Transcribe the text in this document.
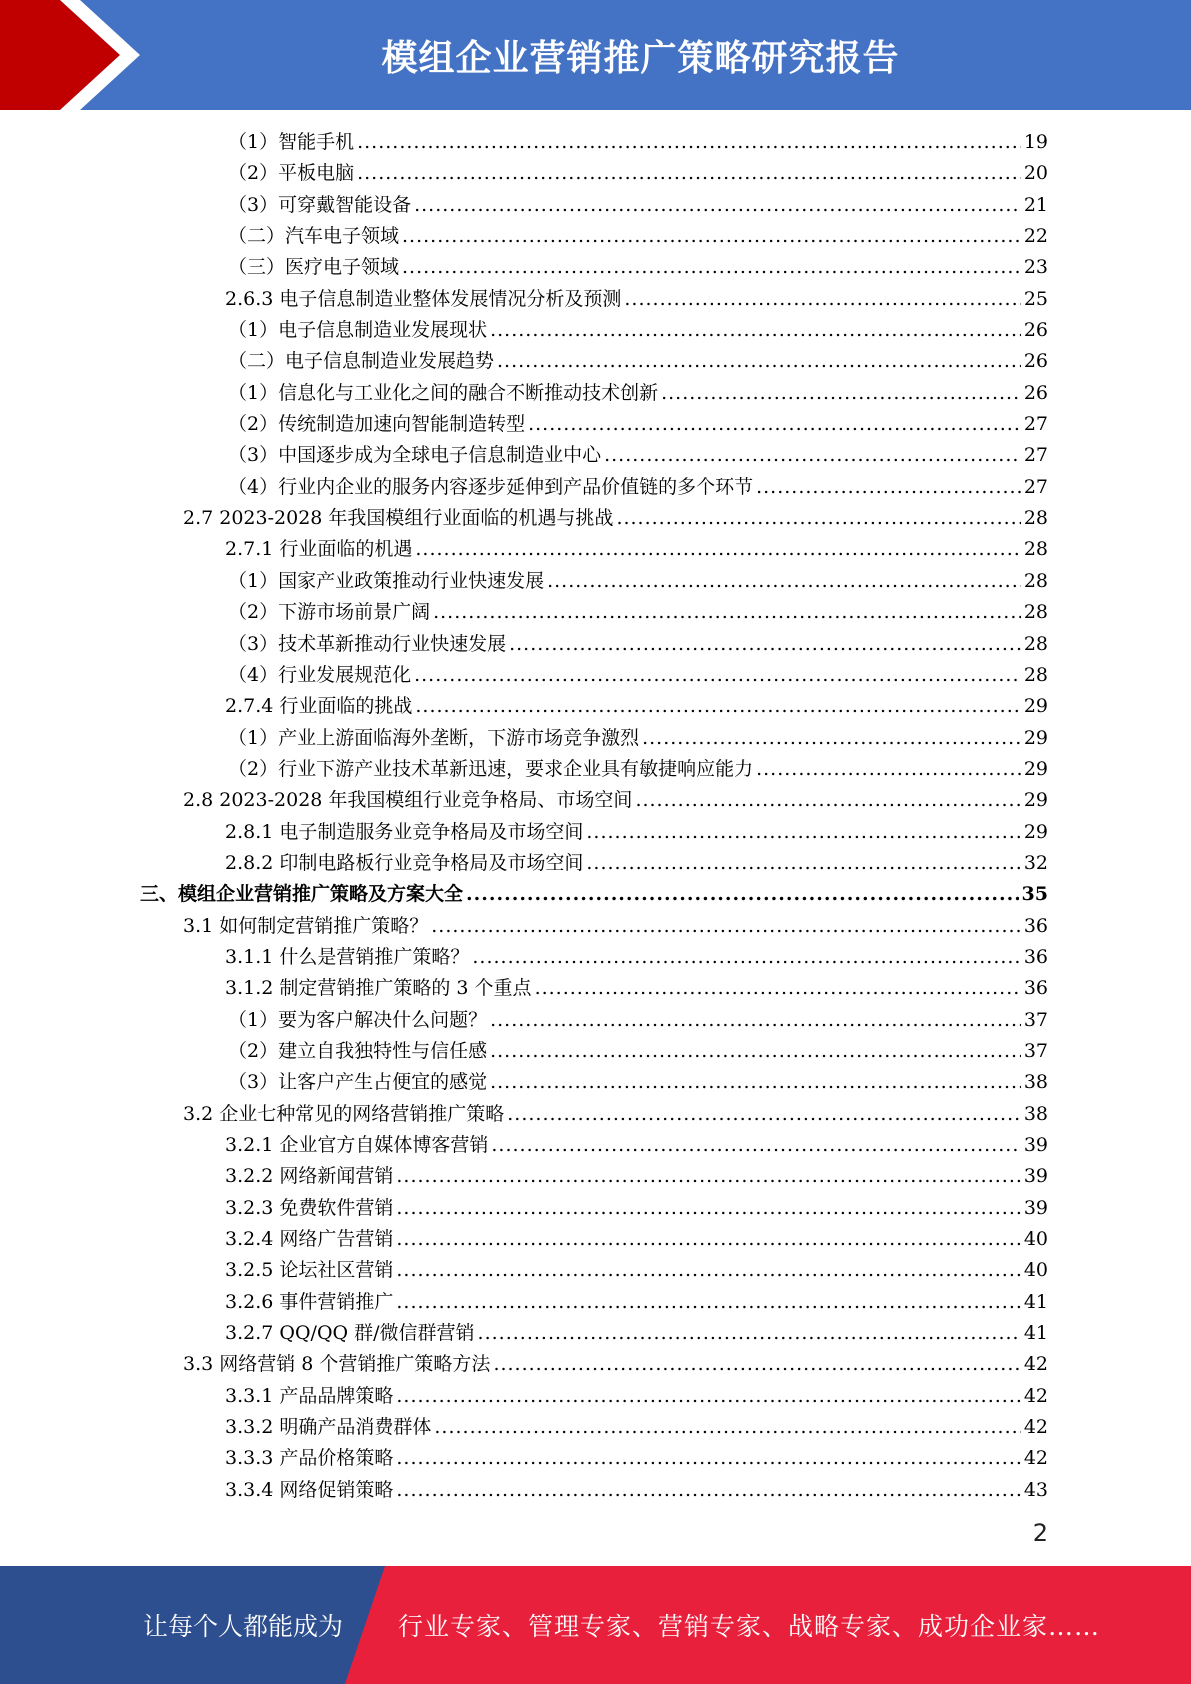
模组企业营销推广策略研究报告
（1）智能手机 .....	19
（2）平板电脑 .....	20
（3）可穿戴智能设备 .....	21
（二）汽车电子领域 .....	22
（三）医疗电子领域 .....	23
2.6.3 电子信息制造业整体发展情况分析及预测 .....	25
（1）电子信息制造业发展现状 .....	26
（二）电子信息制造业发展趋势 .....	26
（1）信息化与工业化之间的融合不断推动技术创新 .....	26
（2）传统制造加速向智能制造转型 .....	27
（3）中国逐步成为全球电子信息制造业中心 .....	27
（4）行业内企业的服务内容逐步延伸到产品价值链的多个环节 .....	27
2.7 2023-2028 年我国模组行业面临的机遇与挑战 .....	28
2.7.1 行业面临的机遇 .....	28
（1）国家产业政策推动行业快速发展 .....	28
（2）下游市场前景广阔 .....	28
（3）技术革新推动行业快速发展 .....	28
（4）行业发展规范化 .....	28
2.7.4 行业面临的挑战 .....	29
（1）产业上游面临海外垄断，下游市场竞争激烈 .....	29
（2）行业下游产业技术革新迅速，要求企业具有敏捷响应能力 .....	29
2.8 2023-2028 年我国模组行业竞争格局、市场空间 .....	29
2.8.1 电子制造服务业竞争格局及市场空间 .....	29
2.8.2 印制电路板行业竞争格局及市场空间 .....	32
三、模组企业营销推广策略及方案大全 .....	35
3.1 如何制定营销推广策略？ .....	36
3.1.1 什么是营销推广策略？ .....	36
3.1.2 制定营销推广策略的 3 个重点 .....	36
（1）要为客户解决什么问题？ .....	37
（2）建立自我独特性与信任感 .....	37
（3）让客户产生占便宜的感觉 .....	38
3.2 企业七种常见的网络营销推广策略 .....	38
3.2.1 企业官方自媒体博客营销 .....	39
3.2.2 网络新闻营销 .....	39
3.2.3 免费软件营销 .....	39
3.2.4 网络广告营销 .....	40
3.2.5 论坛社区营销 .....	40
3.2.6 事件营销推广 .....	41
3.2.7 QQ/QQ 群/微信群营销 .....	41
3.3 网络营销 8 个营销推广策略方法 .....	42
3.3.1 产品品牌策略 .....	42
3.3.2 明确产品消费群体 .....	42
3.3.3 产品价格策略 .....	42
3.3.4 网络促销策略 .....	43
2
让每个人都能成为 行业专家、管理专家、营销专家、战略专家、成功企业家……
